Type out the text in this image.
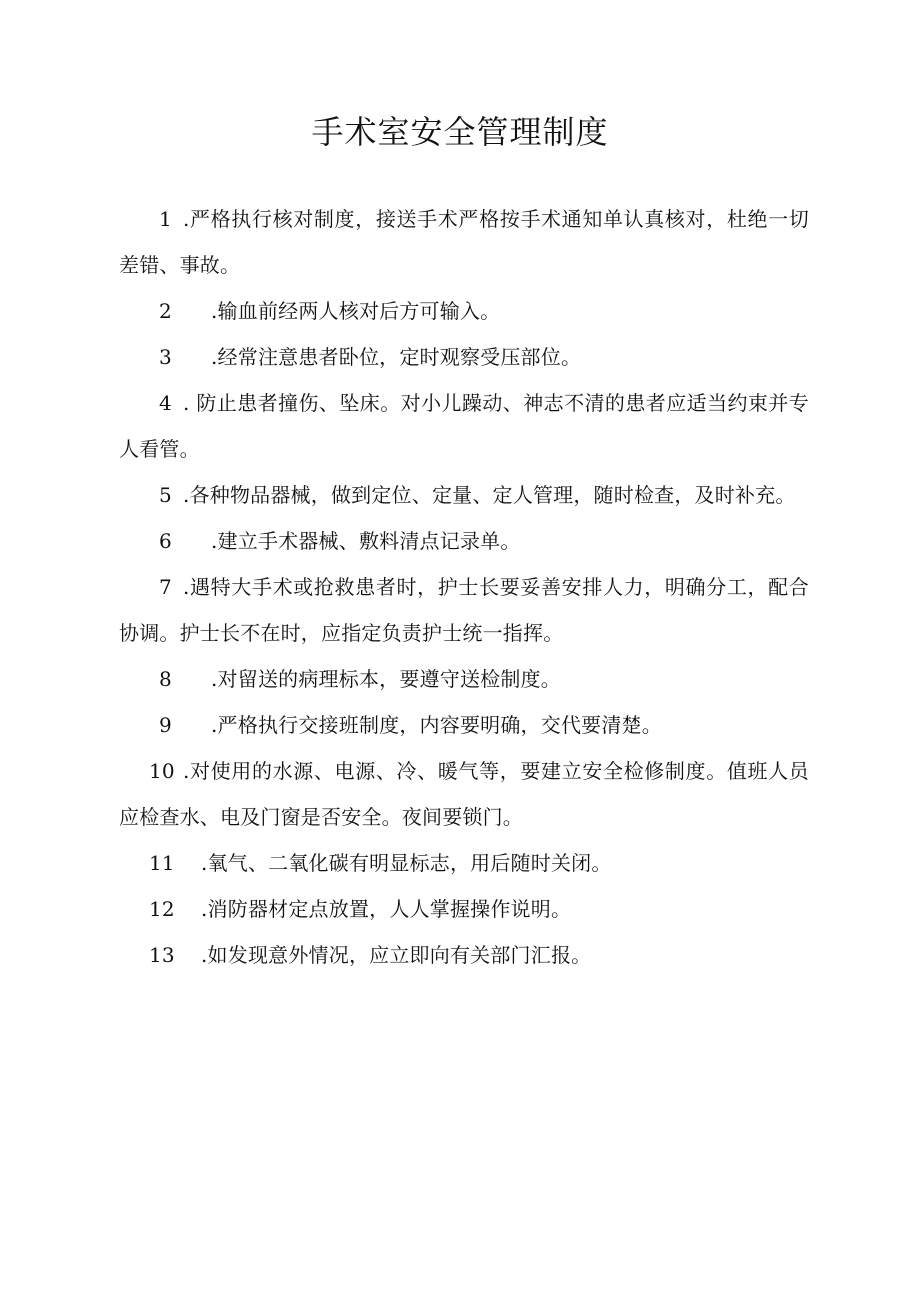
手术室安全管理制度

1 .严格执行核对制度，接送手术严格按手术通知单认真核对，杜绝一切差错、事故。

2 .输血前经两人核对后方可输入。

3 .经常注意患者卧位，定时观察受压部位。

4 . 防止患者撞伤、坠床。对小儿躁动、神志不清的患者应适当约束并专人看管。

5 .各种物品器械，做到定位、定量、定人管理，随时检查，及时补充。

6 .建立手术器械、敷料清点记录单。

7 .遇特大手术或抢救患者时，护士长要妥善安排人力，明确分工，配合协调。护士长不在时，应指定负责护士统一指挥。

8 .对留送的病理标本，要遵守送检制度。

9 .严格执行交接班制度，内容要明确，交代要清楚。

10 .对使用的水源、电源、冷、暖气等，要建立安全检修制度。值班人员应检查水、电及门窗是否安全。夜间要锁门。

11 .氧气、二氧化碳有明显标志，用后随时关闭。

12 .消防器材定点放置，人人掌握操作说明。

13 .如发现意外情况，应立即向有关部门汇报。
